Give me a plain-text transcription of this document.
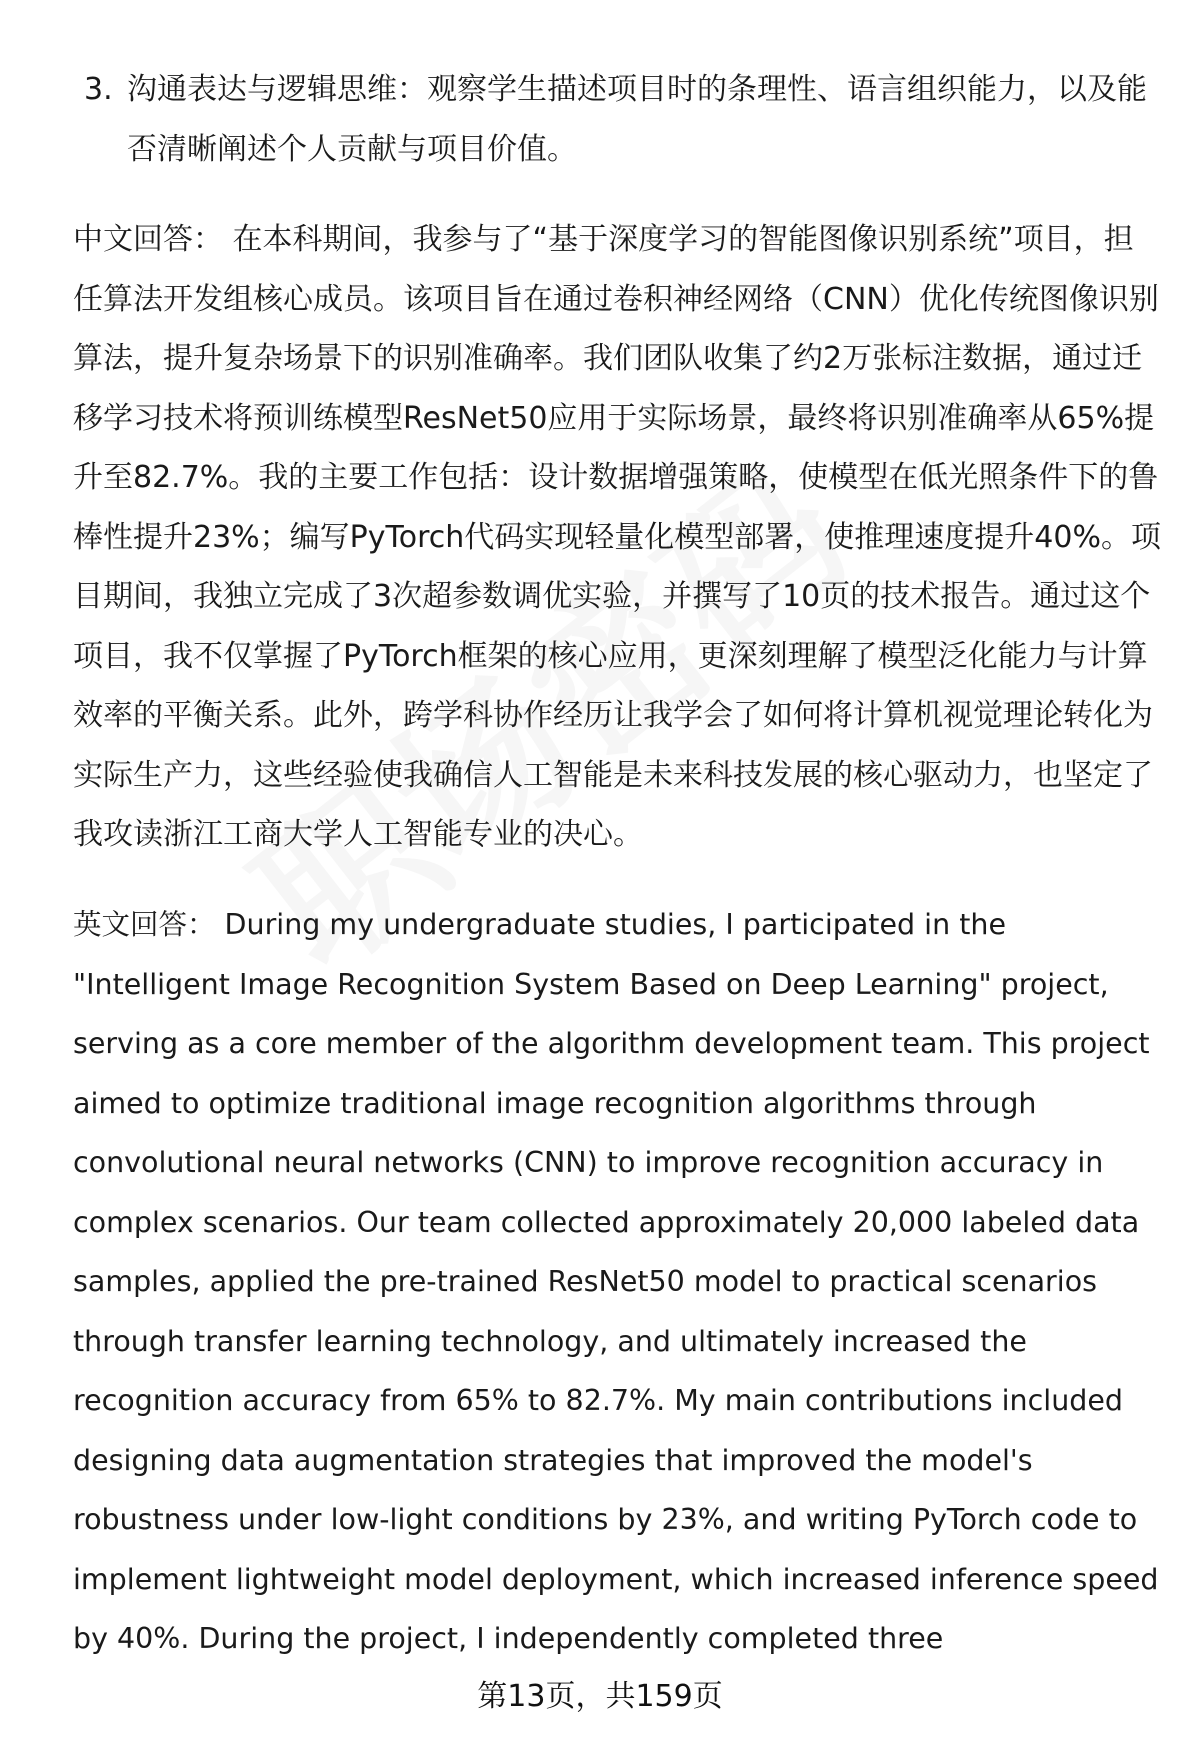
3. 沟通表达与逻辑思维：观察学生描述项目时的条理性、语言组织能力，以及能
否清晰阐述个人贡献与项目价值。
中文回答： 在本科期间，我参与了“基于深度学习的智能图像识别系统”项目，担
任算法开发组核心成员。该项目旨在通过卷积神经网络（CNN）优化传统图像识别
算法，提升复杂场景下的识别准确率。我们团队收集了约2万张标注数据，通过迁
移学习技术将预训练模型ResNet50应用于实际场景，最终将识别准确率从65%提
升至82.7%。我的主要工作包括：设计数据增强策略，使模型在低光照条件下的鲁
棒性提升23%；编写PyTorch代码实现轻量化模型部署，使推理速度提升40%。项
目期间，我独立完成了3次超参数调优实验，并撰写了10页的技术报告。通过这个
项目，我不仅掌握了PyTorch框架的核心应用，更深刻理解了模型泛化能力与计算
效率的平衡关系。此外，跨学科协作经历让我学会了如何将计算机视觉理论转化为
实际生产力，这些经验使我确信人工智能是未来科技发展的核心驱动力，也坚定了
我攻读浙江工商大学人工智能专业的决心。
英文回答： During my undergraduate studies, I participated in the
"Intelligent Image Recognition System Based on Deep Learning" project,
serving as a core member of the algorithm development team. This project
aimed to optimize traditional image recognition algorithms through
convolutional neural networks (CNN) to improve recognition accuracy in
complex scenarios. Our team collected approximately 20,000 labeled data
samples, applied the pre-trained ResNet50 model to practical scenarios
through transfer learning technology, and ultimately increased the
recognition accuracy from 65% to 82.7%. My main contributions included
designing data augmentation strategies that improved the model's
robustness under low-light conditions by 23%, and writing PyTorch code to
implement lightweight model deployment, which increased inference speed
by 40%. During the project, I independently completed three
第13页，共159页
